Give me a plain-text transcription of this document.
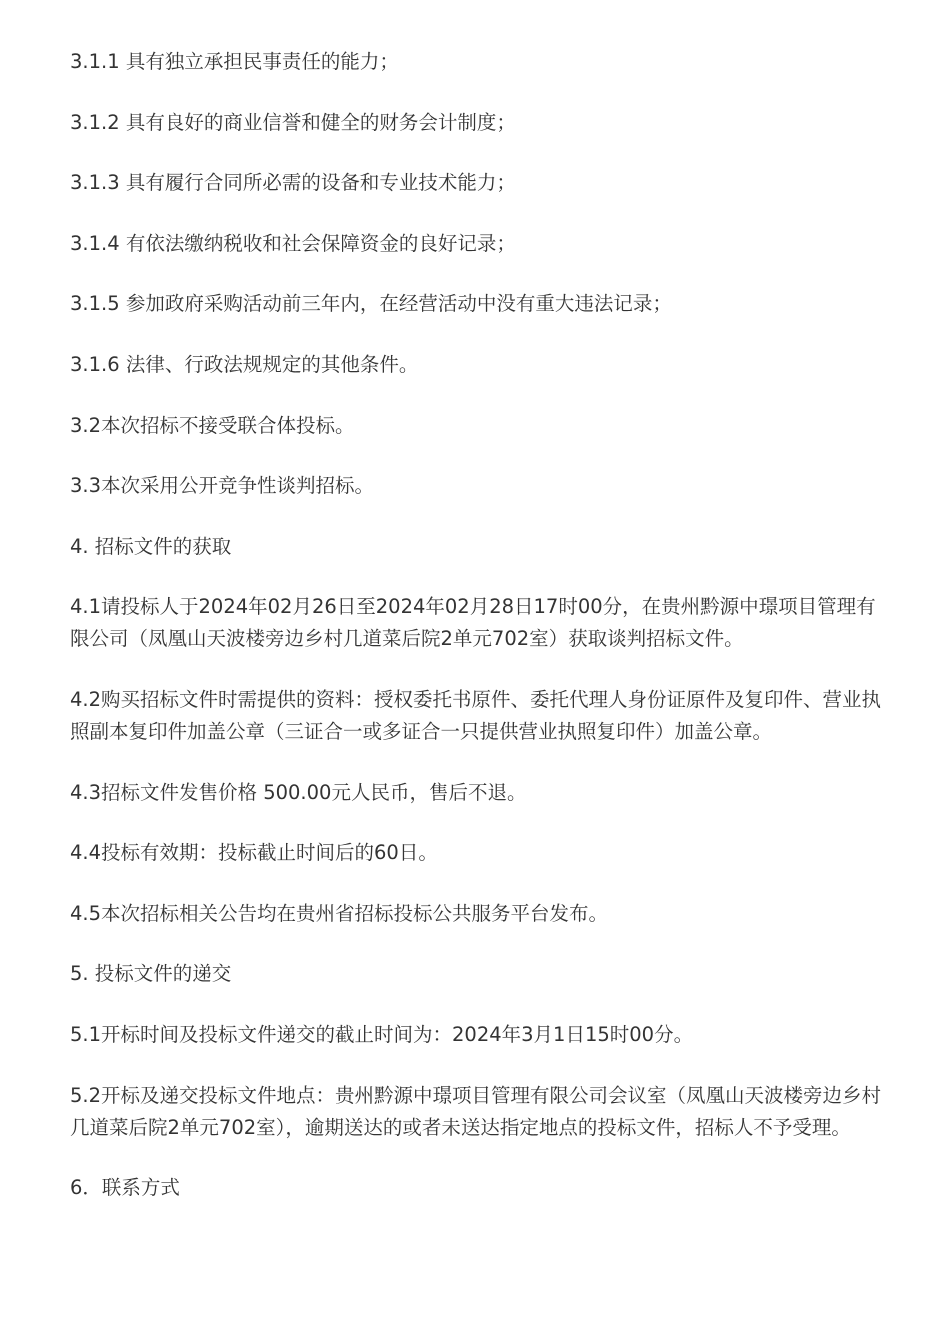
3.1.1 具有独立承担民事责任的能力；

3.1.2 具有良好的商业信誉和健全的财务会计制度；

3.1.3 具有履行合同所必需的设备和专业技术能力；

3.1.4 有依法缴纳税收和社会保障资金的良好记录；

3.1.5 参加政府采购活动前三年内，在经营活动中没有重大违法记录；

3.1.6 法律、行政法规规定的其他条件。

3.2本次招标不接受联合体投标。

3.3本次采用公开竞争性谈判招标。

4. 招标文件的获取

4.1请投标人于2024年02月26日至2024年02月28日17时00分，在贵州黔源中璟项目管理有限公司（凤凰山天波楼旁边乡村几道菜后院2单元702室）获取谈判招标文件。

4.2购买招标文件时需提供的资料：授权委托书原件、委托代理人身份证原件及复印件、营业执照副本复印件加盖公章（三证合一或多证合一只提供营业执照复印件）加盖公章。

4.3招标文件发售价格 500.00元人民币，售后不退。

4.4投标有效期：投标截止时间后的60日。

4.5本次招标相关公告均在贵州省招标投标公共服务平台发布。

5. 投标文件的递交

5.1开标时间及投标文件递交的截止时间为：2024年3月1日15时00分。

5.2开标及递交投标文件地点：贵州黔源中璟项目管理有限公司会议室（凤凰山天波楼旁边乡村几道菜后院2单元702室），逾期送达的或者未送达指定地点的投标文件，招标人不予受理。

6．联系方式
